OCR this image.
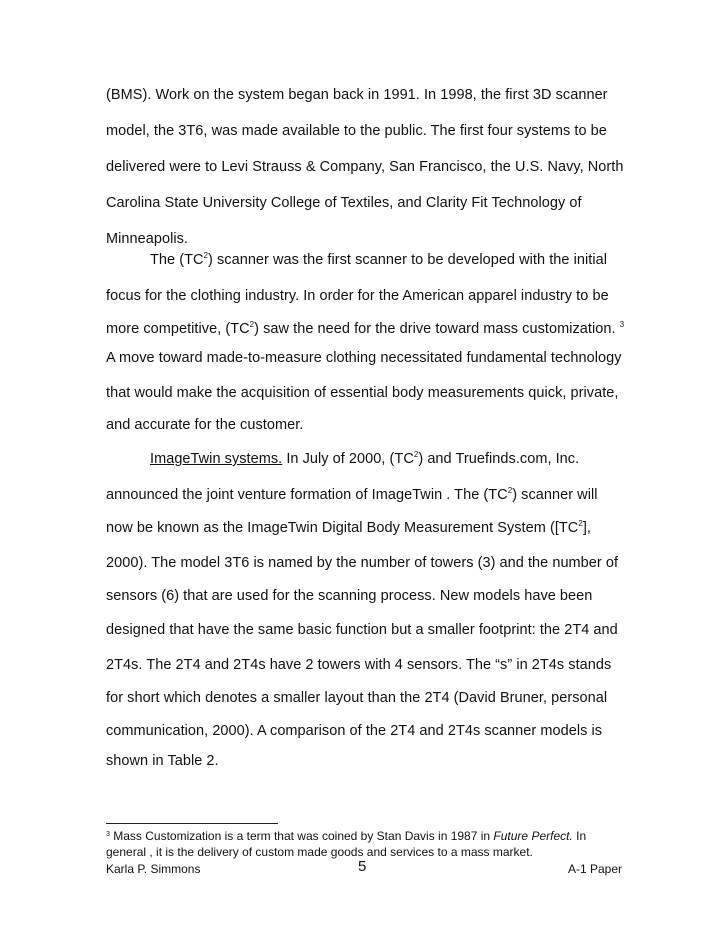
(BMS). Work on the system began back in 1991. In 1998, the first 3D scanner

model, the 3T6, was made available to the public. The first four systems to be

delivered were to Levi Strauss & Company, San Francisco, the U.S. Navy, North

Carolina State University College of Textiles, and Clarity Fit Technology of

Minneapolis.

The $(TC^2)$ scanner was the first scanner to be developed with the initial

focus for the clothing industry. In order for the American apparel industry to be

more competitive, $(TC^2)$ saw the need for the drive toward mass customization. $^3$

A move toward made-to-measure clothing necessitated fundamental technology

that would make the acquisition of essential body measurements quick, private,

and accurate for the customer.

ImageTwin systems. In July of 2000, $(TC^2)$ and Truefinds.com, Inc.

announced the joint venture formation of ImageTwin . The $(TC^2)$ scanner will

now be known as the ImageTwin Digital Body Measurement System ($[TC^2]$,

2000). The model 3T6 is named by the number of towers (3) and the number of

sensors (6) that are used for the scanning process. New models have been

designed that have the same basic function but a smaller footprint: the 2T4 and

2T4s. The 2T4 and 2T4s have 2 towers with 4 sensors. The “s” in 2T4s stands

for short which denotes a smaller layout than the 2T4 (David Bruner, personal

communication, 2000). A comparison of the 2T4 and 2T4s scanner models is

shown in Table 2.

$^3$ Mass Customization is a term that was coined by Stan Davis in 1987 in Future Perfect. In

general , it is the delivery of custom made goods and services to a mass market.

Karla P. Simmons	5	A-1 Paper
